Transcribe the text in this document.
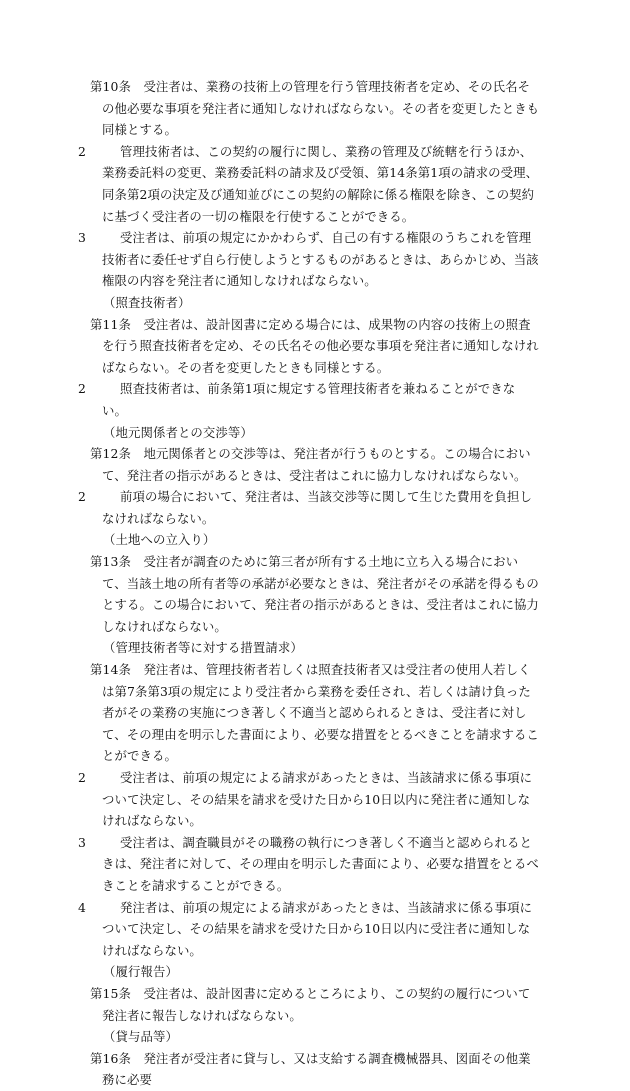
第10条　受注者は、業務の技術上の管理を行う管理技術者を定め、その氏名その他必要な事項を発注者に通知しなければならない。その者を変更したときも同様とする。
2	管理技術者は、この契約の履行に関し、業務の管理及び統轄を行うほか、業務委託料の変更、業務委託料の請求及び受領、第14条第1項の請求の受理、同条第2項の決定及び通知並びにこの契約の解除に係る権限を除き、この契約に基づく受注者の一切の権限を行使することができる。
3	受注者は、前項の規定にかかわらず、自己の有する権限のうちこれを管理技術者に委任せず自ら行使しようとするものがあるときは、あらかじめ、当該権限の内容を発注者に通知しなければならない。
（照査技術者）
第11条　受注者は、設計図書に定める場合には、成果物の内容の技術上の照査を行う照査技術者を定め、その氏名その他必要な事項を発注者に通知しなければならない。その者を変更したときも同様とする。
2	照査技術者は、前条第1項に規定する管理技術者を兼ねることができない。
（地元関係者との交渉等）
第12条　地元関係者との交渉等は、発注者が行うものとする。この場合において、発注者の指示があるときは、受注者はこれに協力しなければならない。
2	前項の場合において、発注者は、当該交渉等に関して生じた費用を負担しなければならない。
（土地への立入り）
第13条　受注者が調査のために第三者が所有する土地に立ち入る場合において、当該土地の所有者等の承諾が必要なときは、発注者がその承諾を得るものとする。この場合において、発注者の指示があるときは、受注者はこれに協力しなければならない。
（管理技術者等に対する措置請求）
第14条　発注者は、管理技術者若しくは照査技術者又は受注者の使用人若しくは第7条第3項の規定により受注者から業務を委任され、若しくは請け負った者がその業務の実施につき著しく不適当と認められるときは、受注者に対して、その理由を明示した書面により、必要な措置をとるべきことを請求することができる。
2	受注者は、前項の規定による請求があったときは、当該請求に係る事項について決定し、その結果を請求を受けた日から10日以内に発注者に通知しなければならない。
3	受注者は、調査職員がその職務の執行につき著しく不適当と認められるときは、発注者に対して、その理由を明示した書面により、必要な措置をとるべきことを請求することができる。
4	発注者は、前項の規定による請求があったときは、当該請求に係る事項について決定し、その結果を請求を受けた日から10日以内に受注者に通知しなければならない。
（履行報告）
第15条　受注者は、設計図書に定めるところにより、この契約の履行について発注者に報告しなければならない。
（貸与品等）
第16条　発注者が受注者に貸与し、又は支給する調査機械器具、図面その他業務に必要
